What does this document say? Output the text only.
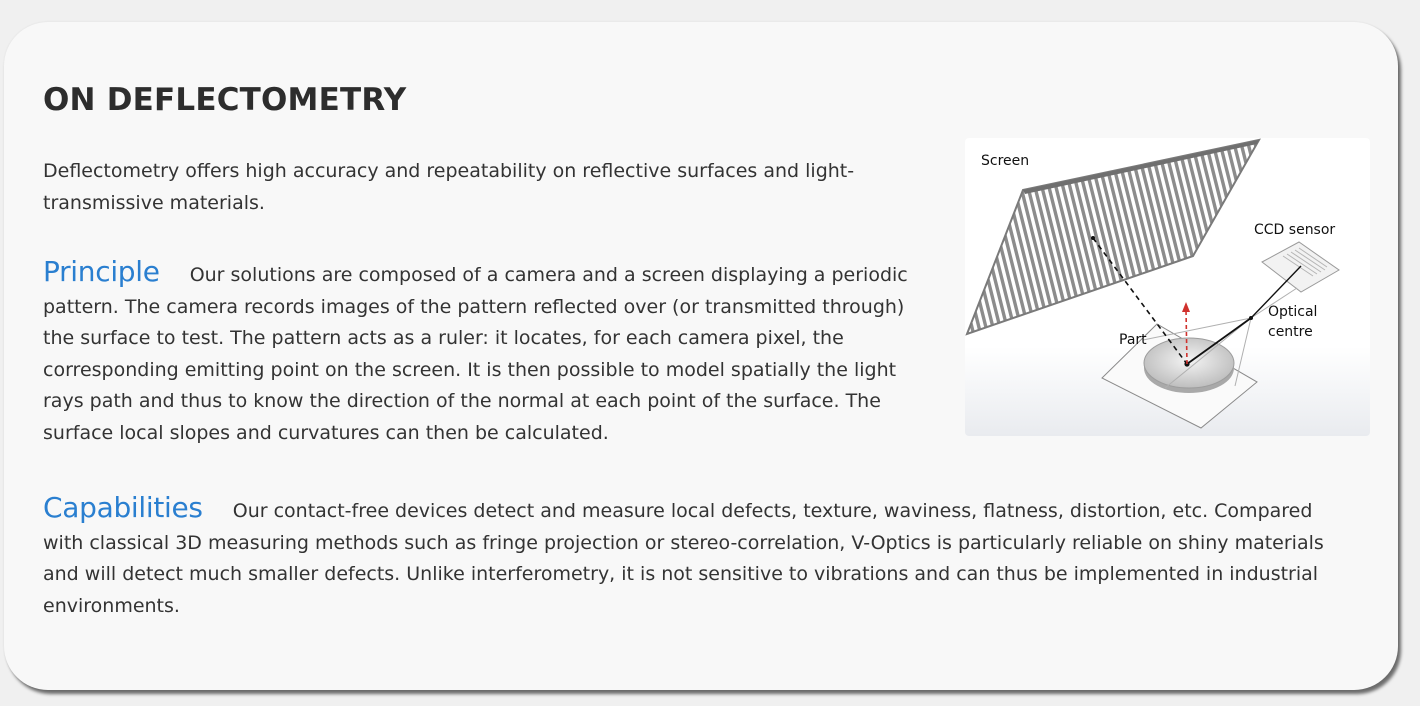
ON DEFLECTOMETRY

Deflectometry offers high accuracy and repeatability on reflective surfaces and light-transmissive materials.

Principle Our solutions are composed of a camera and a screen displaying a periodic pattern. The camera records images of the pattern reflected over (or transmitted through) the surface to test. The pattern acts as a ruler: it locates, for each camera pixel, the corresponding emitting point on the screen. It is then possible to model spatially the light rays path and thus to know the direction of the normal at each point of the surface. The surface local slopes and curvatures can then be calculated.

Capabilities Our contact-free devices detect and measure local defects, texture, waviness, flatness, distortion, etc. Compared with classical 3D measuring methods such as fringe projection or stereo-correlation, V-Optics is particularly reliable on shiny materials and will detect much smaller defects. Unlike interferometry, it is not sensitive to vibrations and can thus be implemented in industrial environments.

Screen
CCD sensor
Optical
centre
Part
